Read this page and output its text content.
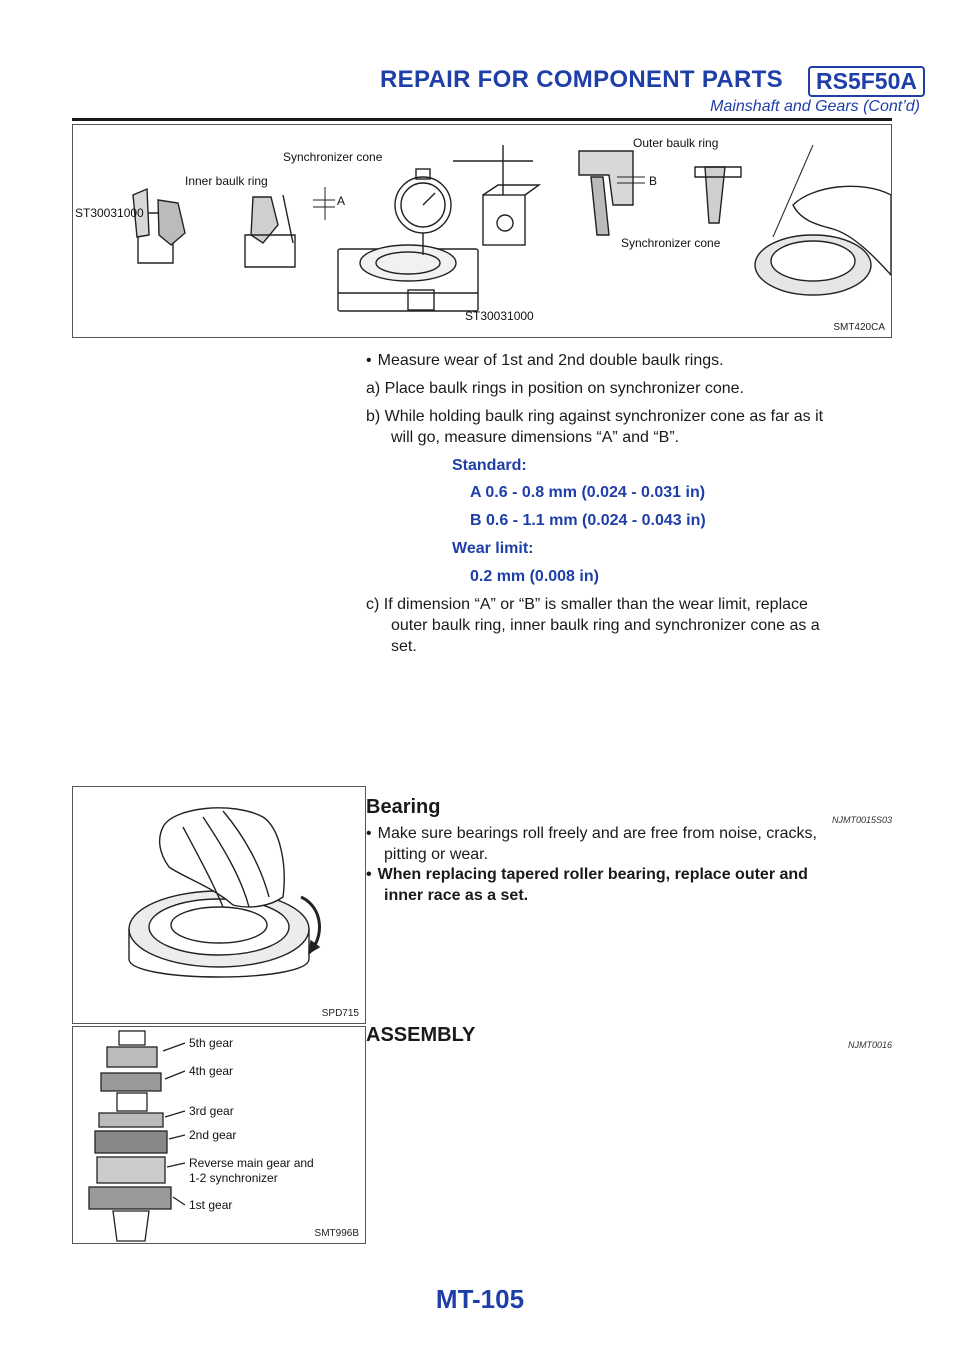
REPAIR FOR COMPONENT PARTS	RS5F50A
Mainshaft and Gears (Cont’d)
Inner baulk ring
Synchronizer cone
ST30031000
A
ST30031000
Outer baulk ring
B
Synchronizer cone
SMT420CA
• Measure wear of 1st and 2nd double baulk rings.
a) Place baulk rings in position on synchronizer cone.
b) While holding baulk ring against synchronizer cone as far as it
will go, measure dimensions “A” and “B”.
Standard:
A 0.6 - 0.8 mm (0.024 - 0.031 in)
B 0.6 - 1.1 mm (0.024 - 0.043 in)
Wear limit:
0.2 mm (0.008 in)
c) If dimension “A” or “B” is smaller than the wear limit, replace
outer baulk ring, inner baulk ring and synchronizer cone as a
set.
SPD715
Bearing
NJMT0015S03
• Make sure bearings roll freely and are free from noise, cracks,
pitting or wear.
• When replacing tapered roller bearing, replace outer and
inner race as a set.
5th gear
4th gear
3rd gear
2nd gear
Reverse main gear and
1-2 synchronizer
1st gear
SMT996B
ASSEMBLY	NJMT0016
MT-105
